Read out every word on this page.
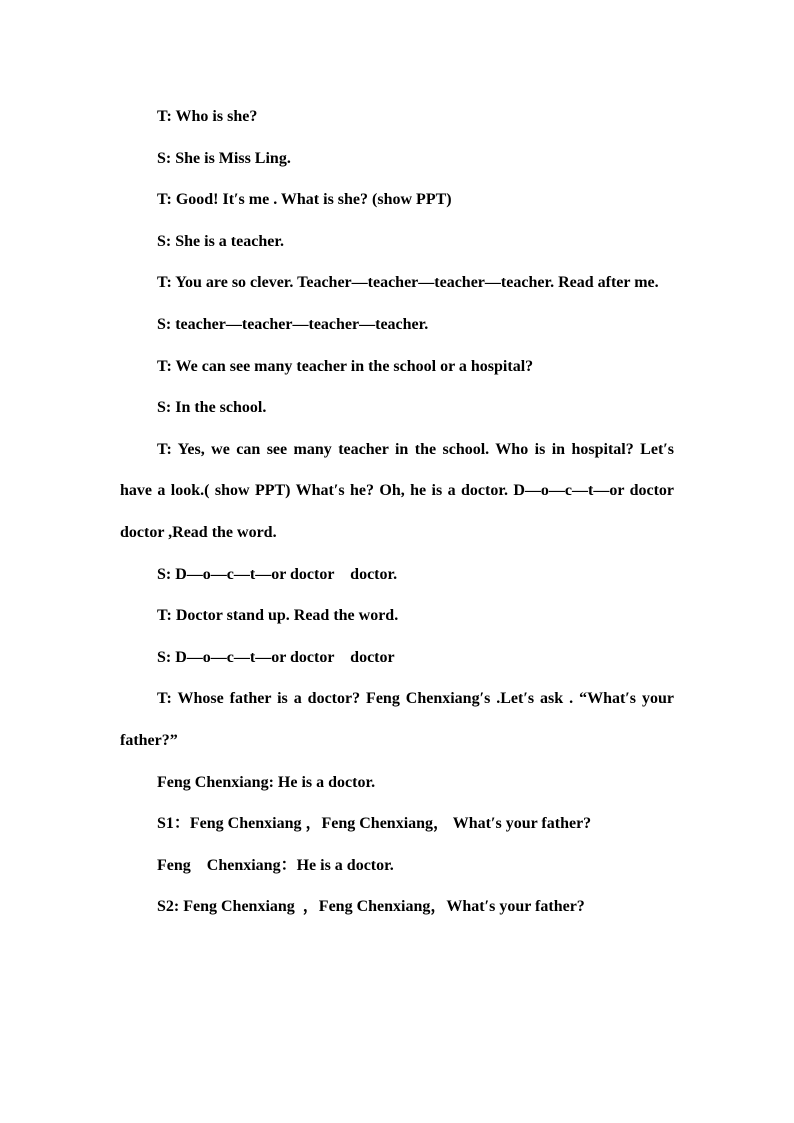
T: Who is she?

S: She is Miss Ling.

T: Good! It′s me . What is she? (show PPT)

S: She is a teacher.

T: You are so clever. Teacher—teacher—teacher—teacher. Read after me.

S: teacher—teacher—teacher—teacher.

T: We can see many teacher in the school or a hospital?

S: In the school.

T: Yes, we can see many teacher in the school. Who is in hospital? Let′s have a look.( show PPT) What′s he? Oh, he is a doctor. D—o—c—t—or doctor doctor ,Read the word.

S: D—o—c—t—or doctor    doctor.

T: Doctor stand up. Read the word.

S: D—o—c—t—or doctor    doctor

T: Whose father is a doctor? Feng Chenxiang′s .Let′s ask . “What′s your father?”

Feng Chenxiang: He is a doctor.

S1：Feng Chenxiang ，Feng Chenxiang， What′s your father?

Feng    Chenxiang：He is a doctor.

S2: Feng Chenxiang  ，Feng Chenxiang，What′s your father?
